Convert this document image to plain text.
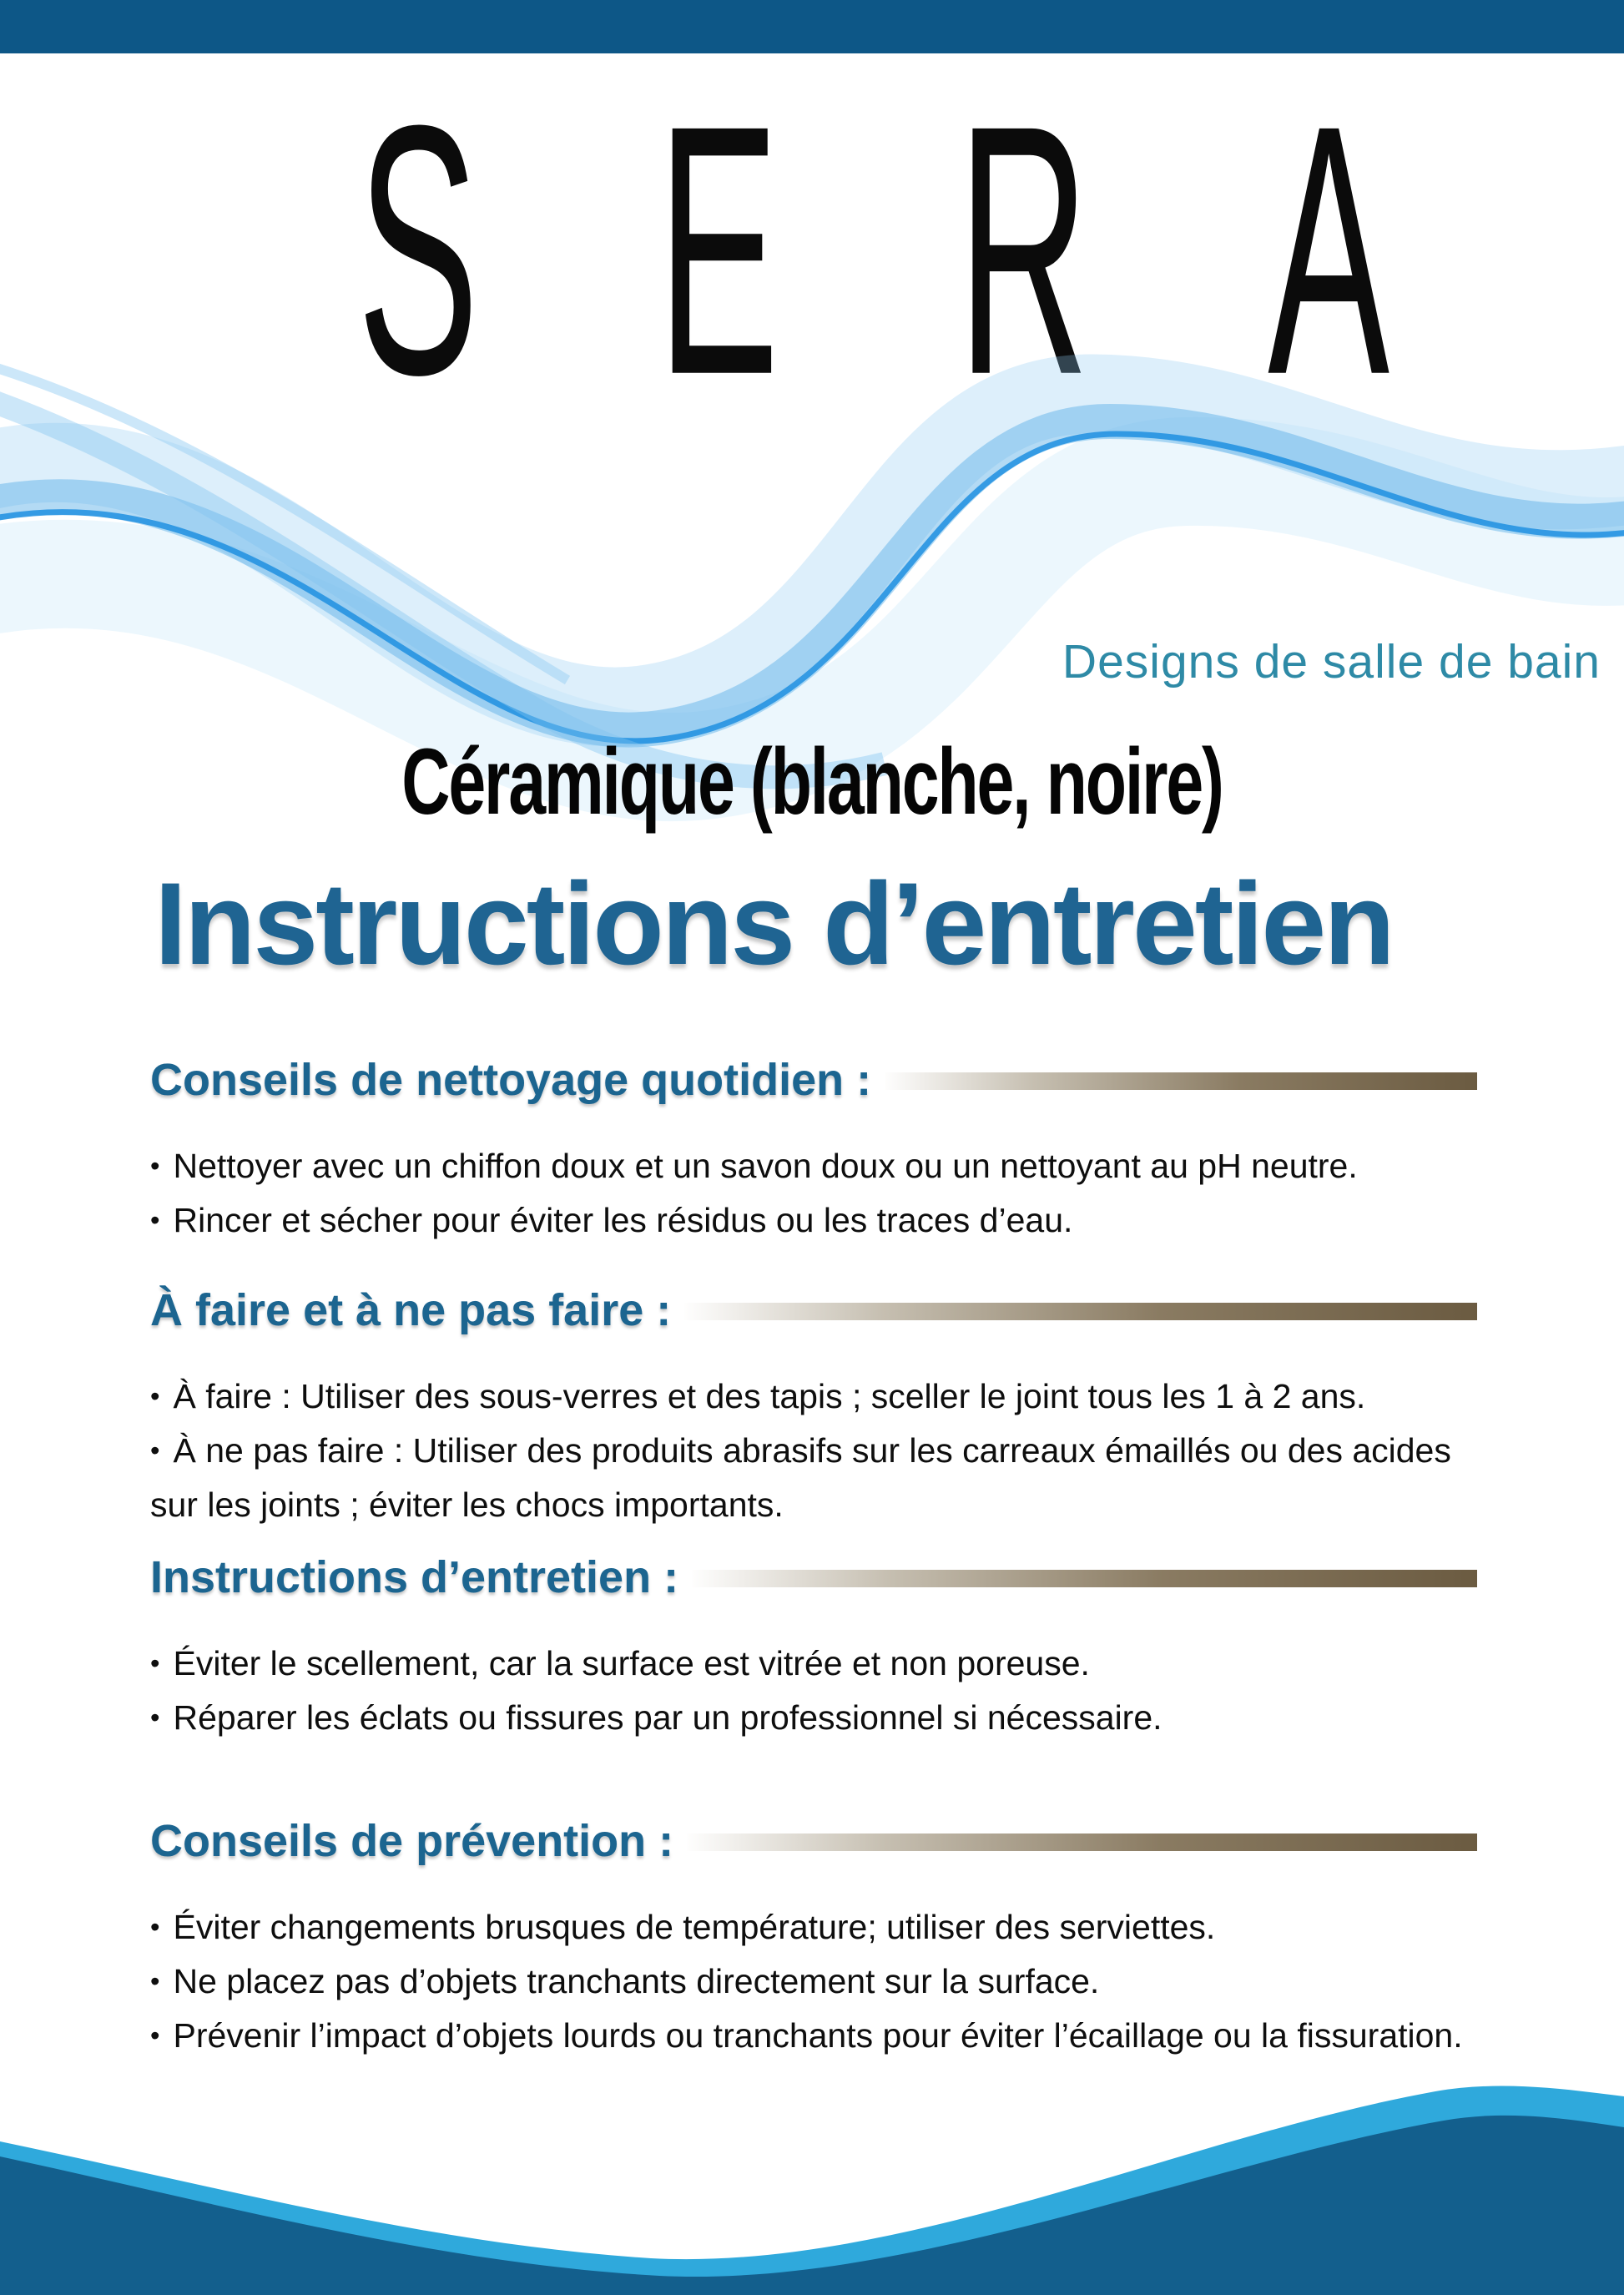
SERA
Designs de salle de bain
Céramique (blanche, noire)
Instructions d’entretien
Conseils de nettoyage quotidien :
• Nettoyer avec un chiffon doux et un savon doux ou un nettoyant au pH neutre.
• Rincer et sécher pour éviter les résidus ou les traces d’eau.
À faire et à ne pas faire :
• À faire : Utiliser des sous-verres et des tapis ; sceller le joint tous les 1 à 2 ans.
• À ne pas faire : Utiliser des produits abrasifs sur les carreaux émaillés ou des acides sur les joints ; éviter les chocs importants.
Instructions d’entretien :
• Éviter le scellement, car la surface est vitrée et non poreuse.
• Réparer les éclats ou fissures par un professionnel si nécessaire.
Conseils de prévention :
• Éviter changements brusques de température; utiliser des serviettes.
• Ne placez pas d’objets tranchants directement sur la surface.
• Prévenir l’impact d’objets lourds ou tranchants pour éviter l’écaillage ou la fissuration.
